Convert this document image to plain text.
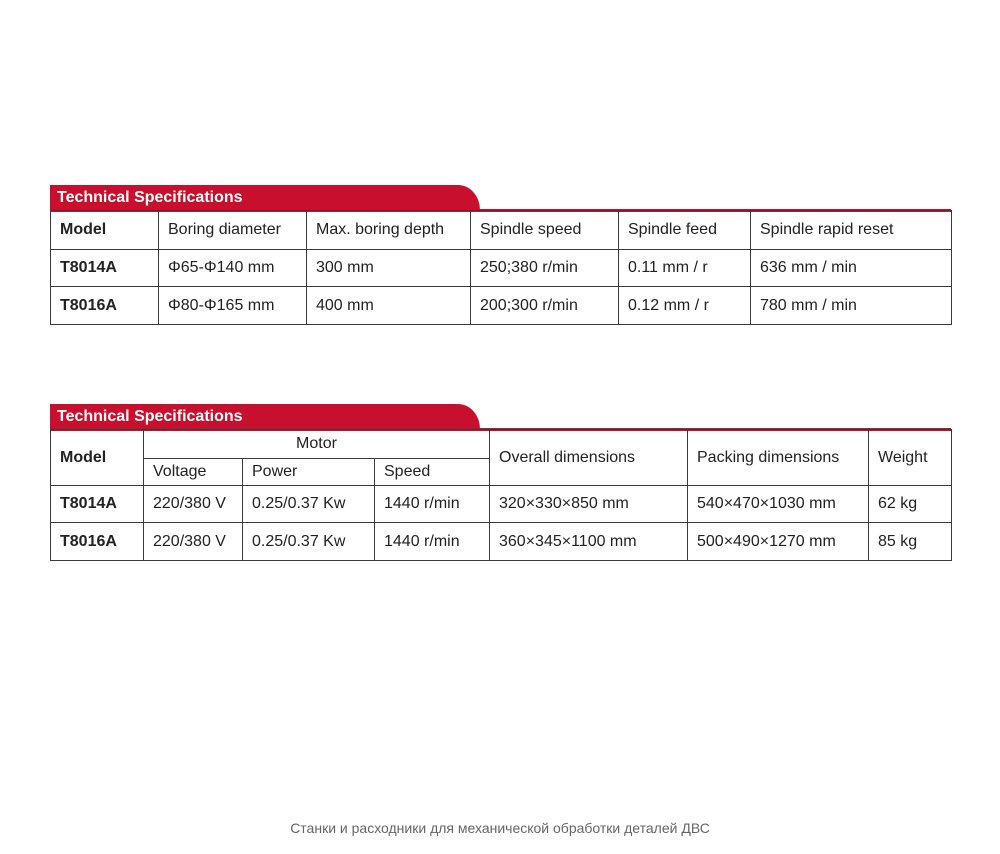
Technical Specifications
Model	Boring diameter	Max. boring depth	Spindle speed	Spindle feed	Spindle rapid reset
T8014A	Φ65-Φ140 mm	300 mm	250;380 r/min	0.11 mm / r	636 mm / min
T8016A	Φ80-Φ165 mm	400 mm	200;300 r/min	0.12 mm / r	780 mm / min
Technical Specifications
Model	Motor			Overall dimensions	Packing dimensions	Weight
	Voltage	Power	Speed			
T8014A	220/380 V	0.25/0.37 Kw	1440 r/min	320×330×850 mm	540×470×1030 mm	62 kg
T8016A	220/380 V	0.25/0.37 Kw	1440 r/min	360×345×1100 mm	500×490×1270 mm	85 kg
Станки и расходники для механической обработки деталей ДВС
